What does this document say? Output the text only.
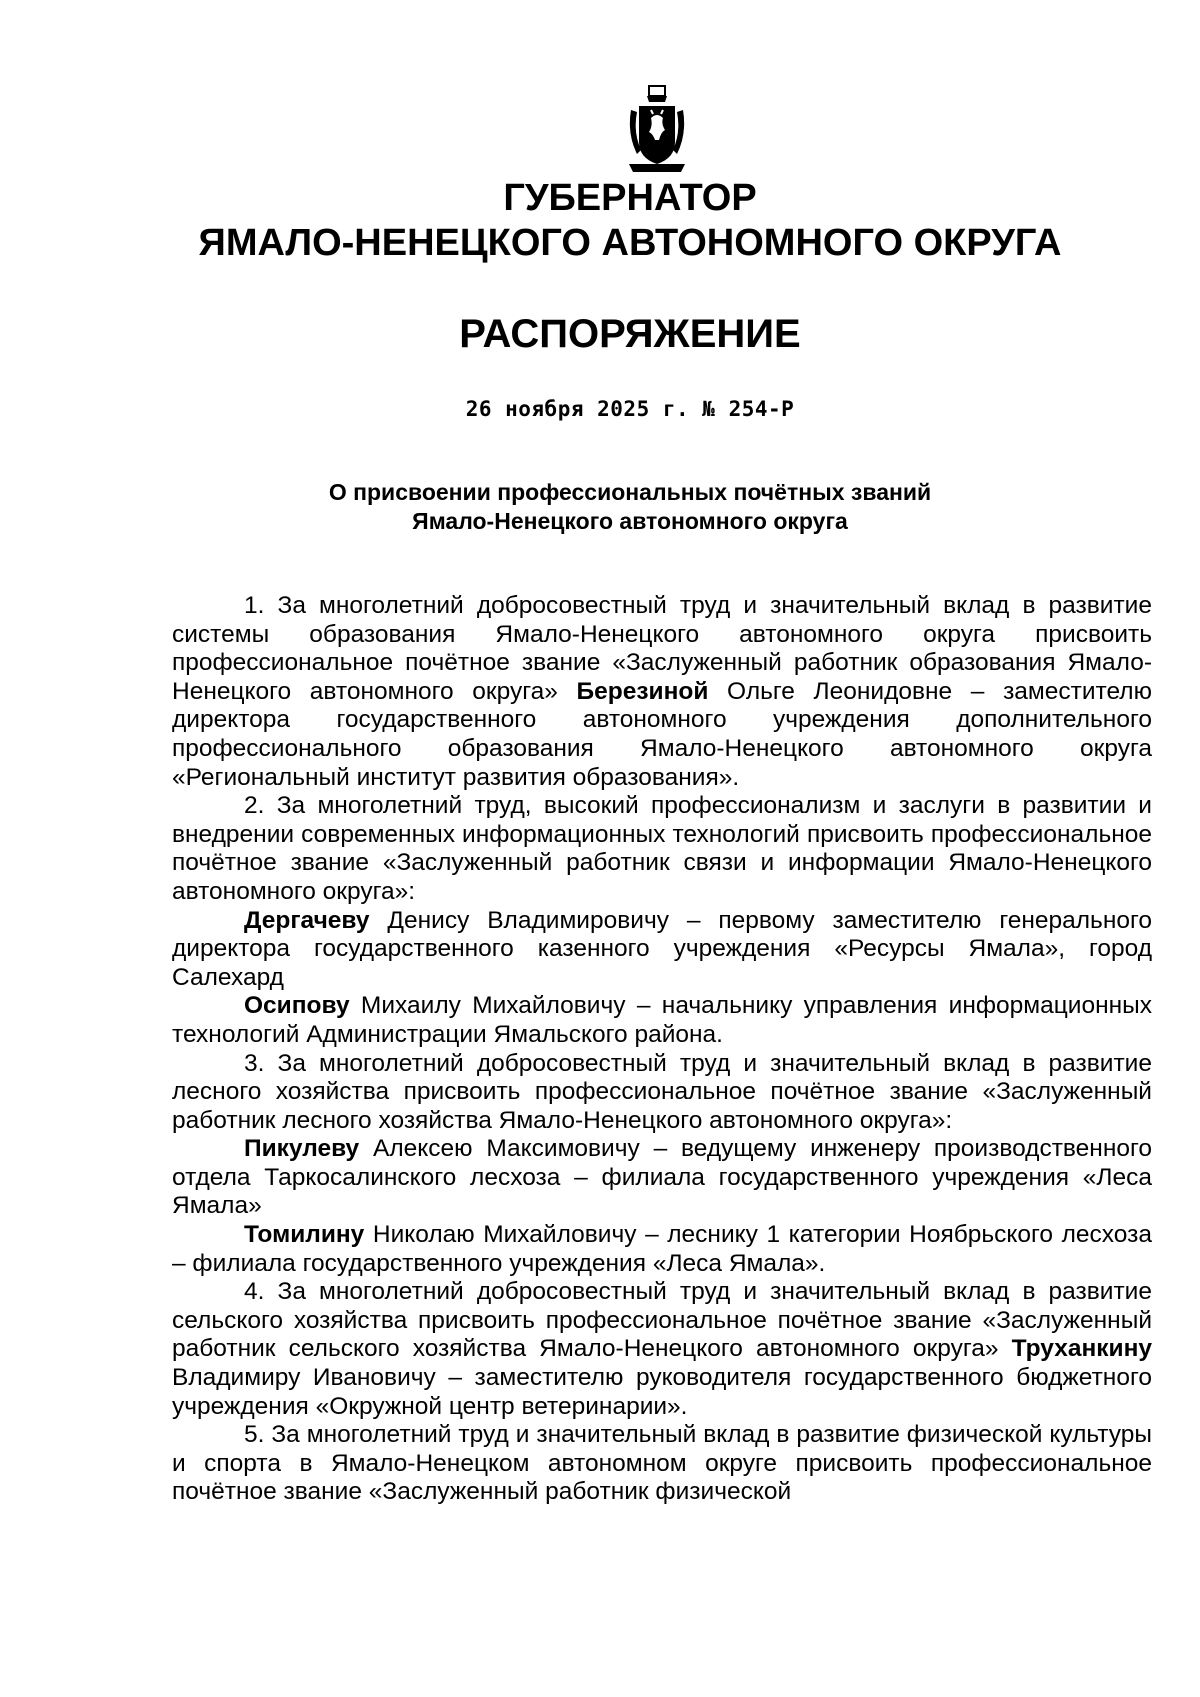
ГУБЕРНАТОР
ЯМАЛО-НЕНЕЦКОГО АВТОНОМНОГО ОКРУГА
РАСПОРЯЖЕНИЕ
26 ноября 2025 г. № 254-Р
О присвоении профессиональных почётных званий
Ямало-Ненецкого автономного округа

1. За многолетний добросовестный труд и значительный вклад в развитие системы образования Ямало-Ненецкого автономного округа присвоить профессиональное почётное звание «Заслуженный работник образования Ямало-Ненецкого автономного округа» Березиной Ольге Леонидовне – заместителю директора государственного автономного учреждения дополнительного профессионального образования Ямало-Ненецкого автономного округа «Региональный институт развития образования».

2. За многолетний труд, высокий профессионализм и заслуги в развитии и внедрении современных информационных технологий присвоить профессиональное почётное звание «Заслуженный работник связи и информации Ямало-Ненецкого автономного округа»:

Дергачеву Денису Владимировичу – первому заместителю генерального директора государственного казенного учреждения «Ресурсы Ямала», город Салехард

Осипову Михаилу Михайловичу – начальнику управления информационных технологий Администрации Ямальского района.

3. За многолетний добросовестный труд и значительный вклад в развитие лесного хозяйства присвоить профессиональное почётное звание «Заслуженный работник лесного хозяйства Ямало-Ненецкого автономного округа»:

Пикулеву Алексею Максимовичу – ведущему инженеру производственного отдела Таркосалинского лесхоза – филиала государственного учреждения «Леса Ямала»

Томилину Николаю Михайловичу – леснику 1 категории Ноябрьского лесхоза – филиала государственного учреждения «Леса Ямала».

4. За многолетний добросовестный труд и значительный вклад в развитие сельского хозяйства присвоить профессиональное почётное звание «Заслуженный работник сельского хозяйства Ямало-Ненецкого автономного округа» Труханкину Владимиру Ивановичу – заместителю руководителя государственного бюджетного учреждения «Окружной центр ветеринарии».

5. За многолетний труд и значительный вклад в развитие физической культуры и спорта в Ямало-Ненецком автономном округе присвоить профессиональное почётное звание «Заслуженный работник физической
